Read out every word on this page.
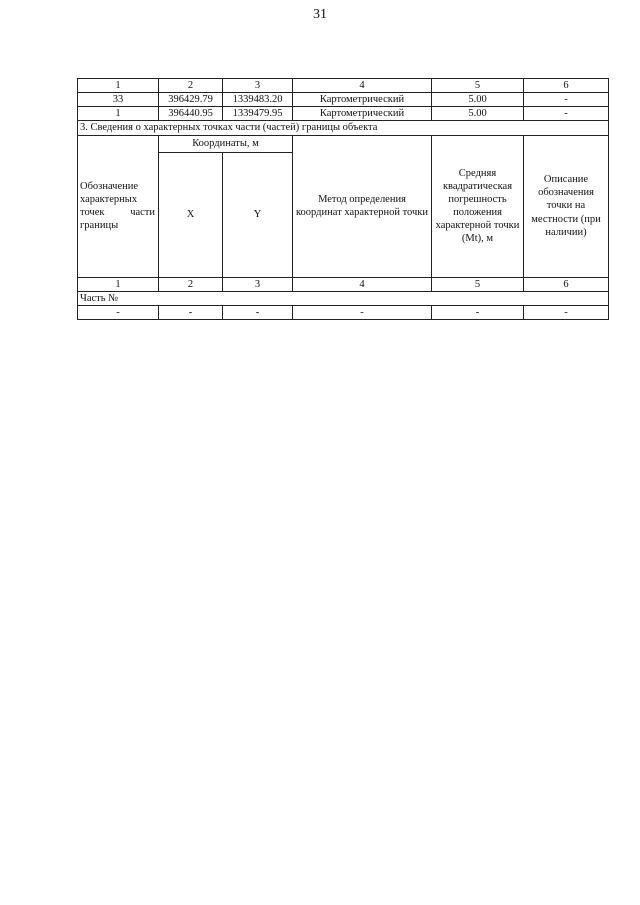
31
1	2	3	4	5	6
33	396429.79	1339483.20	Картометрический	5.00	-
1	396440.95	1339479.95	Картометрический	5.00	-
3. Сведения о характерных точках части (частей) границы объекта					
Обозначение характерных точек части границы	Координаты, м		Метод определения координат характерной точки	Средняя квадратическая погрешность положения характерной точки (Mt), м	Описание обозначения точки на местности (при наличии)
	X	Y			
1	2	3	4	5	6
Часть №					
-	-	-	-	-	-
